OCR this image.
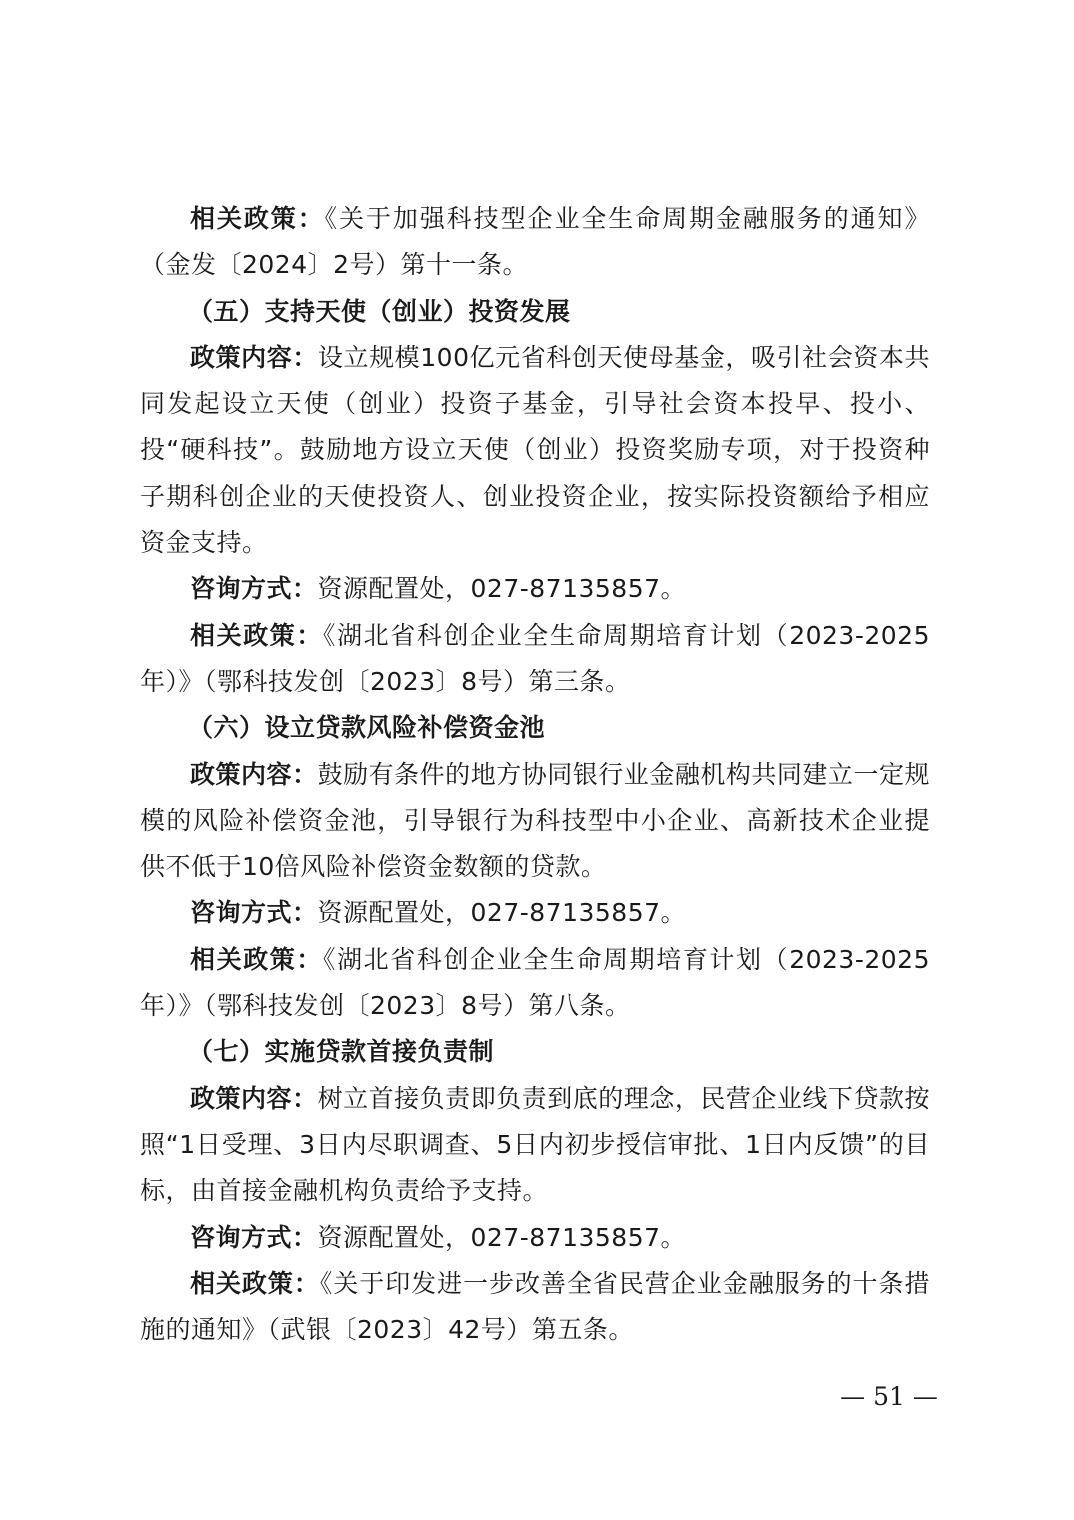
相关政策：《关于加强科技型企业全生命周期金融服务的通知》（金发〔2024〕2号）第十一条。

（五）支持天使（创业）投资发展

政策内容：设立规模100亿元省科创天使母基金，吸引社会资本共同发起设立天使（创业）投资子基金，引导社会资本投早、投小、投“硬科技”。鼓励地方设立天使（创业）投资奖励专项，对于投资种子期科创企业的天使投资人、创业投资企业，按实际投资额给予相应资金支持。

咨询方式：资源配置处，027-87135857。

相关政策：《湖北省科创企业全生命周期培育计划（2023-2025年）》（鄂科技发创〔2023〕8号）第三条。

（六）设立贷款风险补偿资金池

政策内容：鼓励有条件的地方协同银行业金融机构共同建立一定规模的风险补偿资金池，引导银行为科技型中小企业、高新技术企业提供不低于10倍风险补偿资金数额的贷款。

咨询方式：资源配置处，027-87135857。

相关政策：《湖北省科创企业全生命周期培育计划（2023-2025年）》（鄂科技发创〔2023〕8号）第八条。

（七）实施贷款首接负责制

政策内容：树立首接负责即负责到底的理念，民营企业线下贷款按照“1日受理、3日内尽职调查、5日内初步授信审批、1日内反馈”的目标，由首接金融机构负责给予支持。

咨询方式：资源配置处，027-87135857。

相关政策：《关于印发进一步改善全省民营企业金融服务的十条措施的通知》（武银〔2023〕42号）第五条。

— 51 —
